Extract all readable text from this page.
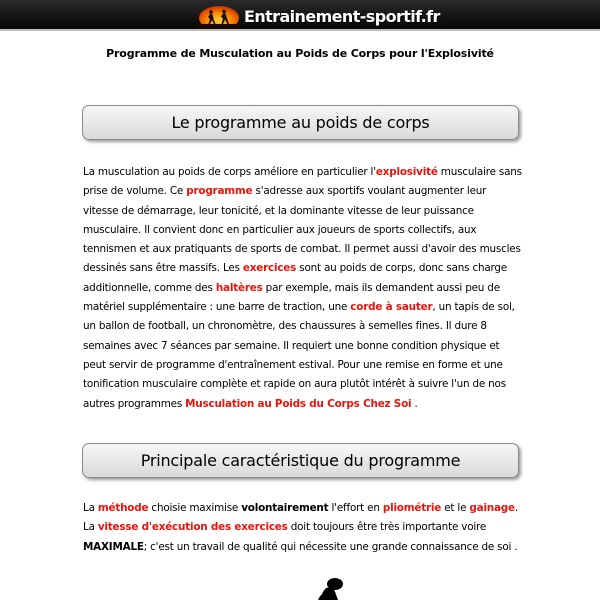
Entrainement-sportif.fr
Programme de Musculation au Poids de Corps pour l'Explosivité
Le programme au poids de corps

La musculation au poids de corps améliore en particulier l'explosivité musculaire sans prise de volume. Ce programme s'adresse aux sportifs voulant augmenter leur vitesse de démarrage, leur tonicité, et la dominante vitesse de leur puissance musculaire. Il convient donc en particulier aux joueurs de sports collectifs, aux tennismen et aux pratiquants de sports de combat. Il permet aussi d'avoir des muscles dessinés sans être massifs. Les exercices sont au poids de corps, donc sans charge additionnelle, comme des haltères par exemple, mais ils demandent aussi peu de matériel supplémentaire : une barre de traction, une corde à sauter, un tapis de sol, un ballon de football, un chronomètre, des chaussures à semelles fines. Il dure 8 semaines avec 7 séances par semaine. Il requiert une bonne condition physique et peut servir de programme d'entraînement estival. Pour une remise en forme et une tonification musculaire complète et rapide on aura plutôt intérêt à suivre l'un de nos autres programmes Musculation au Poids du Corps Chez Soi .

Principale caractéristique du programme

La méthode choisie maximise volontairement l'effort en pliométrie et le gainage. La vitesse d'exécution des exercices doit toujours être très importante voire MAXIMALE; c'est un travail de qualité qui nécessite une grande connaissance de soi .
